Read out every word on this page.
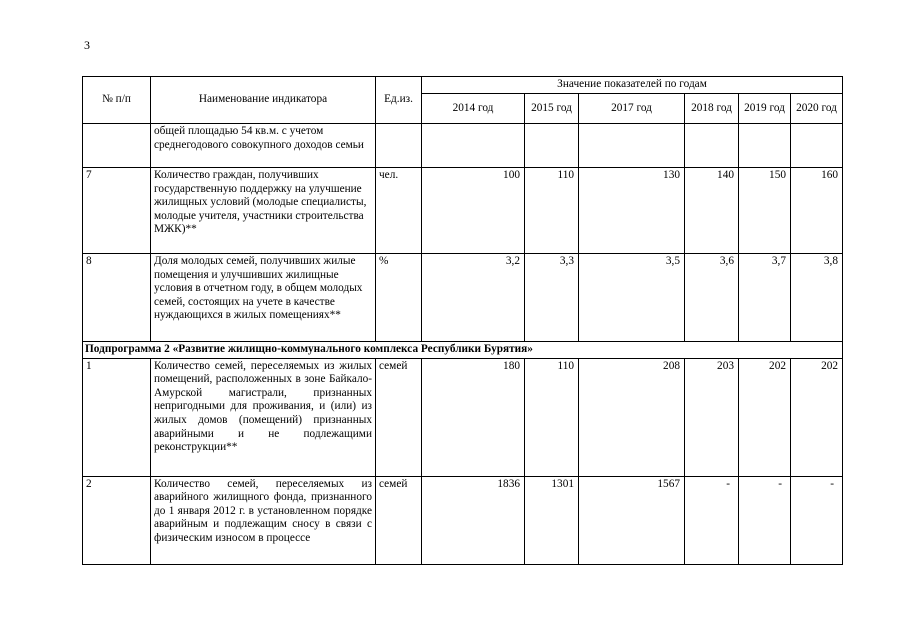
3
№ п/п	Наименование индикатора	Ед.из.	Значение показателей по годам					
			2014 год	2015 год	2017 год	2018 год	2019 год	2020 год
	общей площадью 54 кв.м. с учетом среднегодового совокупного доходов семьи							
7	Количество граждан, получивших государственную поддержку на улучшение жилищных условий (молодые специалисты, молодые учителя, участники строительства МЖК)**	чел.	100	110	130	140	150	160
8	Доля молодых семей, получивших жилые помещения и улучшивших жилищные условия в отчетном году, в общем молодых семей, состоящих на учете в качестве нуждающихся в жилых помещениях**	%	3,2	3,3	3,5	3,6	3,7	3,8
Подпрограмма 2 «Развитие жилищно-коммунального комплекса Республики Бурятия»								
1	Количество семей, переселяемых из жилых помещений, расположенных в зоне Байкало-Амурской магистрали, признанных непригодными для проживания, и (или) из жилых домов (помещений) признанных аварийными и не подлежащими реконструкции**	семей	180	110	208	203	202	202
2	Количество семей, переселяемых из аварийного жилищного фонда, признанного до 1 января 2012 г. в установленном порядке аварийным и подлежащим сносу в связи с физическим износом в процессе	семей	1836	1301	1567	-	-	-
